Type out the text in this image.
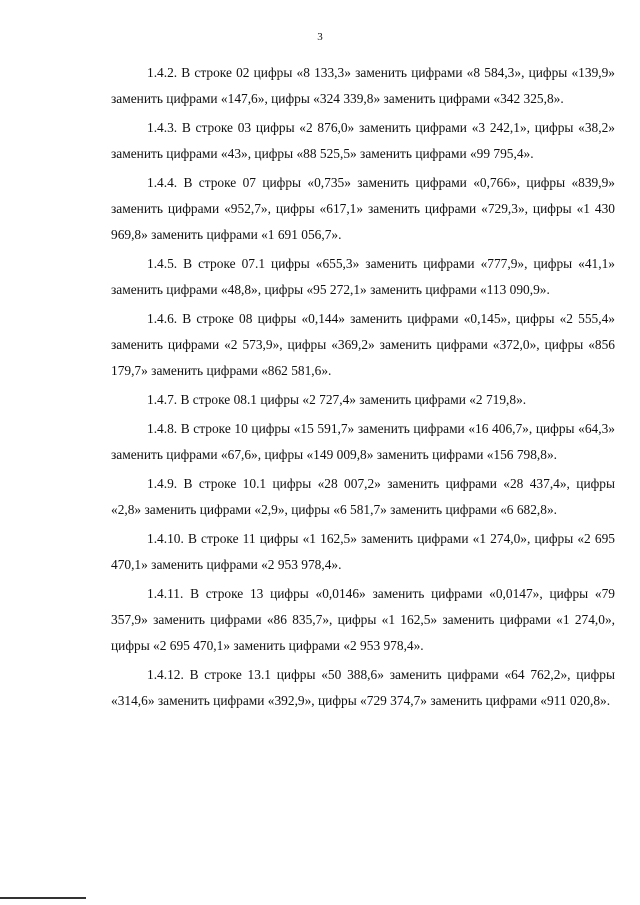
3

1.4.2. В строке 02 цифры «8 133,3» заменить цифрами «8 584,3», цифры «139,9» заменить цифрами «147,6», цифры «324 339,8» заменить цифрами «342 325,8».

1.4.3. В строке 03 цифры «2 876,0» заменить цифрами «3 242,1», цифры «38,2» заменить цифрами «43», цифры «88 525,5» заменить цифрами «99 795,4».

1.4.4. В строке 07 цифры «0,735» заменить цифрами «0,766», цифры «839,9» заменить цифрами «952,7», цифры «617,1» заменить цифрами «729,3», цифры «1 430 969,8» заменить цифрами «1 691 056,7».

1.4.5. В строке 07.1 цифры «655,3» заменить цифрами «777,9», цифры «41,1» заменить цифрами «48,8», цифры «95 272,1» заменить цифрами «113 090,9».

1.4.6. В строке 08 цифры «0,144» заменить цифрами «0,145», цифры «2 555,4» заменить цифрами «2 573,9», цифры «369,2» заменить цифрами «372,0», цифры «856 179,7» заменить цифрами «862 581,6».

1.4.7. В строке 08.1 цифры «2 727,4» заменить цифрами «2 719,8».

1.4.8. В строке 10 цифры «15 591,7» заменить цифрами «16 406,7», цифры «64,3» заменить цифрами «67,6», цифры «149 009,8» заменить цифрами «156 798,8».

1.4.9. В строке 10.1 цифры «28 007,2» заменить цифрами «28 437,4», цифры «2,8» заменить цифрами «2,9», цифры «6 581,7» заменить цифрами «6 682,8».

1.4.10. В строке 11 цифры «1 162,5» заменить цифрами «1 274,0», цифры «2 695 470,1» заменить цифрами «2 953 978,4».

1.4.11. В строке 13 цифры «0,0146» заменить цифрами «0,0147», цифры «79 357,9» заменить цифрами «86 835,7», цифры «1 162,5» заменить цифрами «1 274,0», цифры «2 695 470,1» заменить цифрами «2 953 978,4».

1.4.12. В строке 13.1 цифры «50 388,6» заменить цифрами «64 762,2», цифры «314,6» заменить цифрами «392,9», цифры «729 374,7» заменить цифрами «911 020,8».
